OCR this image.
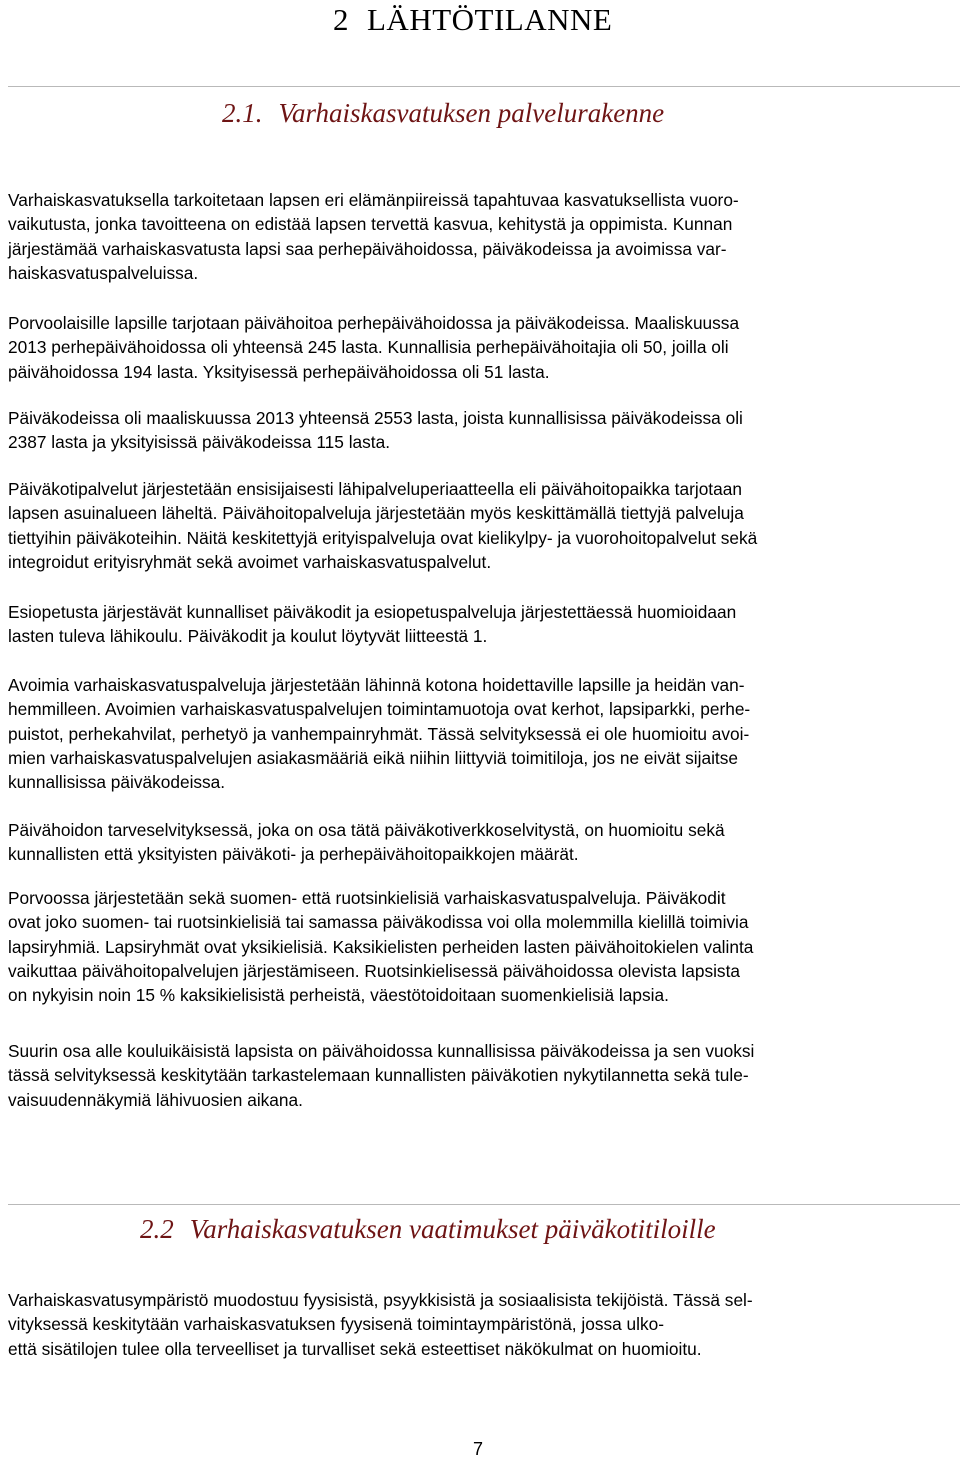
2 LÄHTÖTILANNE
2.1. Varhaiskasvatuksen palvelurakenne

Varhaiskasvatuksella tarkoitetaan lapsen eri elämänpiireissä tapahtuvaa kasvatuksellista vuoro-
vaikutusta, jonka tavoitteena on edistää lapsen tervettä kasvua, kehitystä ja oppimista. Kunnan
järjestämää varhaiskasvatusta lapsi saa perhepäivähoidossa, päiväkodeissa ja avoimissa var-
haiskasvatuspalveluissa.

Porvoolaisille lapsille tarjotaan päivähoitoa perhepäivähoidossa ja päiväkodeissa. Maaliskuussa
2013 perhepäivähoidossa oli yhteensä 245 lasta. Kunnallisia perhepäivähoitajia oli 50, joilla oli
päivähoidossa 194 lasta. Yksityisessä perhepäivähoidossa oli 51 lasta.

Päiväkodeissa oli maaliskuussa 2013 yhteensä 2553 lasta, joista kunnallisissa päiväkodeissa oli
2387 lasta ja yksityisissä päiväkodeissa 115 lasta.

Päiväkotipalvelut järjestetään ensisijaisesti lähipalveluperiaatteella eli päivähoitopaikka tarjotaan
lapsen asuinalueen läheltä. Päivähoitopalveluja järjestetään myös keskittämällä tiettyjä palveluja
tiettyihin päiväkoteihin. Näitä keskitettyjä erityispalveluja ovat kielikylpy- ja vuorohoitopalvelut sekä
integroidut erityisryhmät sekä avoimet varhaiskasvatuspalvelut.

Esiopetusta järjestävät kunnalliset päiväkodit ja esiopetuspalveluja järjestettäessä huomioidaan
lasten tuleva lähikoulu. Päiväkodit ja koulut löytyvät liitteestä 1.

Avoimia varhaiskasvatuspalveluja järjestetään lähinnä kotona hoidettaville lapsille ja heidän van-
hemmilleen. Avoimien varhaiskasvatuspalvelujen toimintamuotoja ovat kerhot, lapsiparkki, perhe-
puistot, perhekahvilat, perhetyö ja vanhempainryhmät. Tässä selvityksessä ei ole huomioitu avoi-
mien varhaiskasvatuspalvelujen asiakasmääriä eikä niihin liittyviä toimitiloja, jos ne eivät sijaitse
kunnallisissa päiväkodeissa.

Päivähoidon tarveselvityksessä, joka on osa tätä päiväkotiverkkoselvitystä, on huomioitu sekä
kunnallisten että yksityisten päiväkoti- ja perhepäivähoitopaikkojen määrät.

Porvoossa järjestetään sekä suomen- että ruotsinkielisiä varhaiskasvatuspalveluja. Päiväkodit
ovat joko suomen- tai ruotsinkielisiä tai samassa päiväkodissa voi olla molemmilla kielillä toimivia
lapsiryhmiä. Lapsiryhmät ovat yksikielisiä. Kaksikielisten perheiden lasten päivähoitokielen valinta
vaikuttaa päivähoitopalvelujen järjestämiseen. Ruotsinkielisessä päivähoidossa olevista lapsista
on nykyisin noin 15 % kaksikielisistä perheistä, väestötoidoitaan suomenkielisiä lapsia.

Suurin osa alle kouluikäisistä lapsista on päivähoidossa kunnallisissa päiväkodeissa ja sen vuoksi
tässä selvityksessä keskitytään tarkastelemaan kunnallisten päiväkotien nykytilannetta sekä tule-
vaisuudennäkymiä lähivuosien aikana.

2.2 Varhaiskasvatuksen vaatimukset päiväkotitiloille

Varhaiskasvatusympäristö muodostuu fyysisistä, psyykkisistä ja sosiaalisista tekijöistä. Tässä sel-
vityksessä keskitytään varhaiskasvatuksen fyysisenä toimintaympäristönä, jossa ulko-
että sisätilojen tulee olla terveelliset ja turvalliset sekä esteettiset näkökulmat on huomioitu.

7
